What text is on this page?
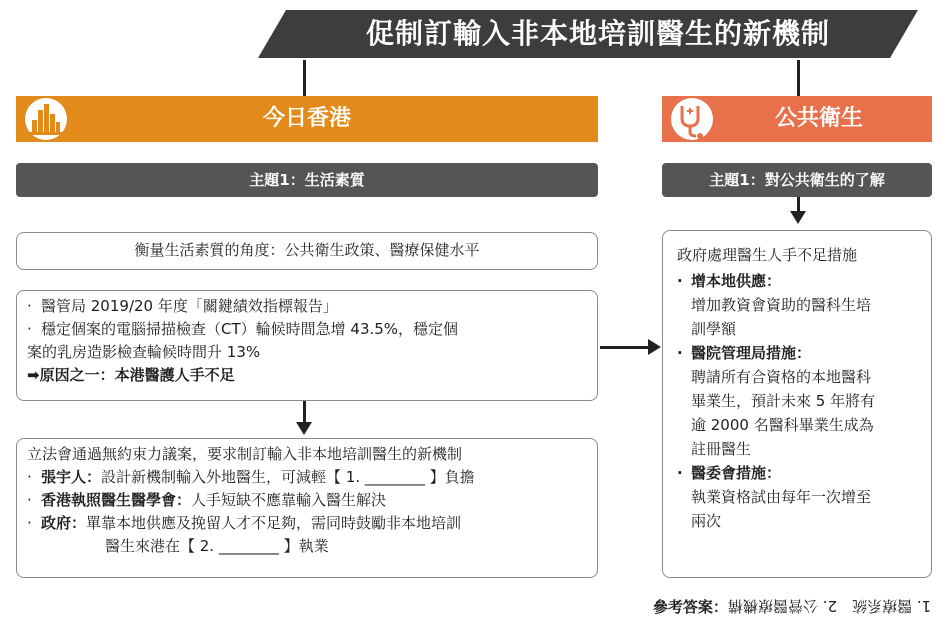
促制訂輸入非本地培訓醫生的新機制
今日香港	公共衛生
主題1：生活素質	主題1：對公共衛生的了解
衡量生活素質的角度：公共衛生政策、醫療保健水平
· 醫管局 2019/20 年度「關鍵績效指標報告」
· 穩定個案的電腦掃描檢查（CT）輪候時間急增 43.5%，穩定個
案的乳房造影檢查輪候時間升 13%
➡原因之一：本港醫護人手不足
立法會通過無約束力議案，要求制訂輸入非本地培訓醫生的新機制
· 張宇人：設計新機制輸入外地醫生，可減輕【 1. ________ 】負擔
· 香港執照醫生醫學會：人手短缺不應靠輸入醫生解決
· 政府：單靠本地供應及挽留人才不足夠，需同時鼓勵非本地培訓
醫生來港在【 2. ________ 】執業
政府處理醫生人手不足措施
· 增本地供應：
增加教資會資助的醫科生培
訓學額
· 醫院管理局措施：
聘請所有合資格的本地醫科
畢業生，預計未來 5 年將有
逾 2000 名醫科畢業生成為
註冊醫生
· 醫委會措施：
執業資格試由每年一次增至
兩次
參考答案：1. 醫療系統　2. 公營醫療機構
